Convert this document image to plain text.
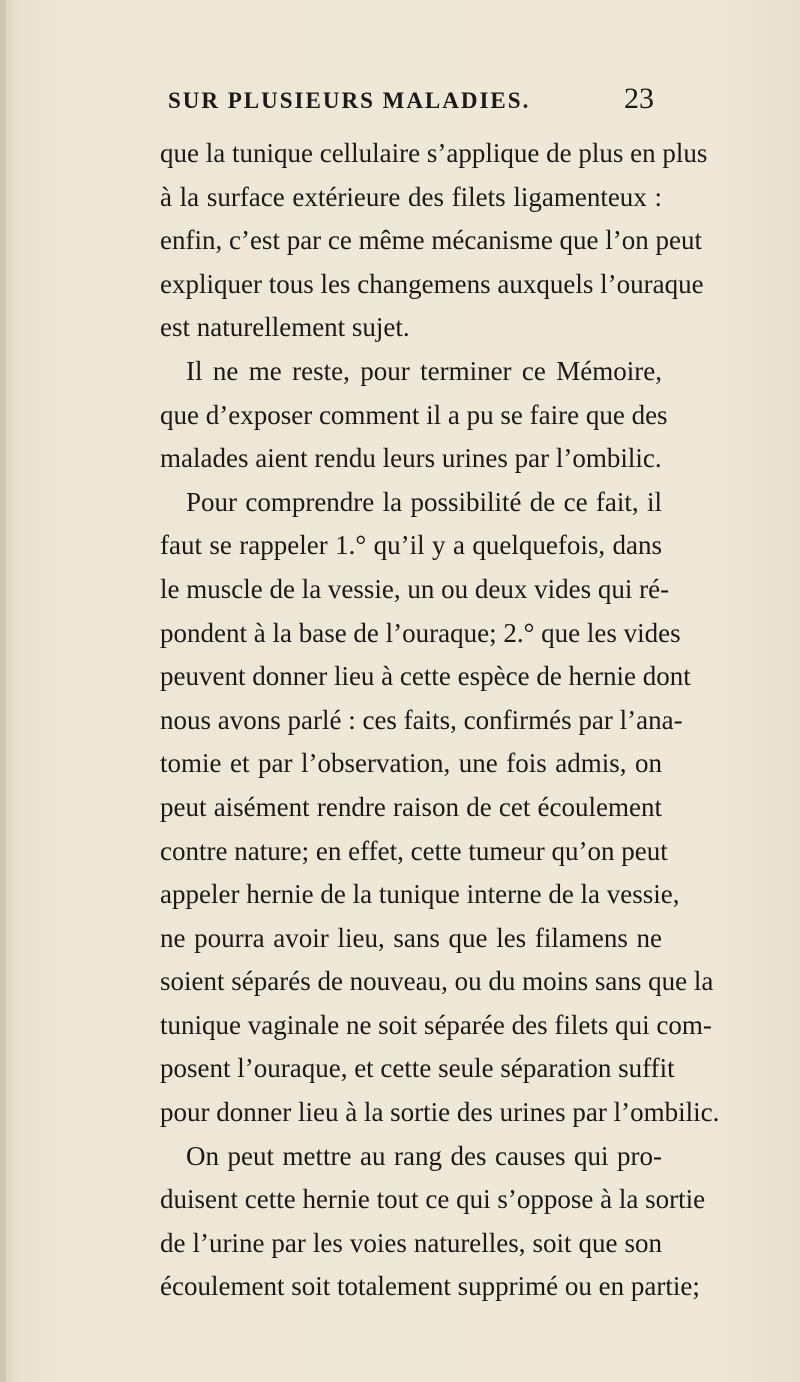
SUR PLUSIEURS MALADIES.	23
que la tunique cellulaire s’applique de plus en plus
à la surface extérieure des filets ligamenteux :
enfin, c’est par ce même mécanisme que l’on peut
expliquer tous les changemens auxquels l’ouraque
est naturellement sujet.
Il ne me reste, pour terminer ce Mémoire,
que d’exposer comment il a pu se faire que des
malades aient rendu leurs urines par l’ombilic.
Pour comprendre la possibilité de ce fait, il
faut se rappeler 1.° qu’il y a quelquefois, dans
le muscle de la vessie, un ou deux vides qui ré-
pondent à la base de l’ouraque; 2.° que les vides
peuvent donner lieu à cette espèce de hernie dont
nous avons parlé : ces faits, confirmés par l’ana-
tomie et par l’observation, une fois admis, on
peut aisément rendre raison de cet écoulement
contre nature; en effet, cette tumeur qu’on peut
appeler hernie de la tunique interne de la vessie,
ne pourra avoir lieu, sans que les filamens ne
soient séparés de nouveau, ou du moins sans que la
tunique vaginale ne soit séparée des filets qui com-
posent l’ouraque, et cette seule séparation suffit
pour donner lieu à la sortie des urines par l’ombilic.
On peut mettre au rang des causes qui pro-
duisent cette hernie tout ce qui s’oppose à la sortie
de l’urine par les voies naturelles, soit que son
écoulement soit totalement supprimé ou en partie;
